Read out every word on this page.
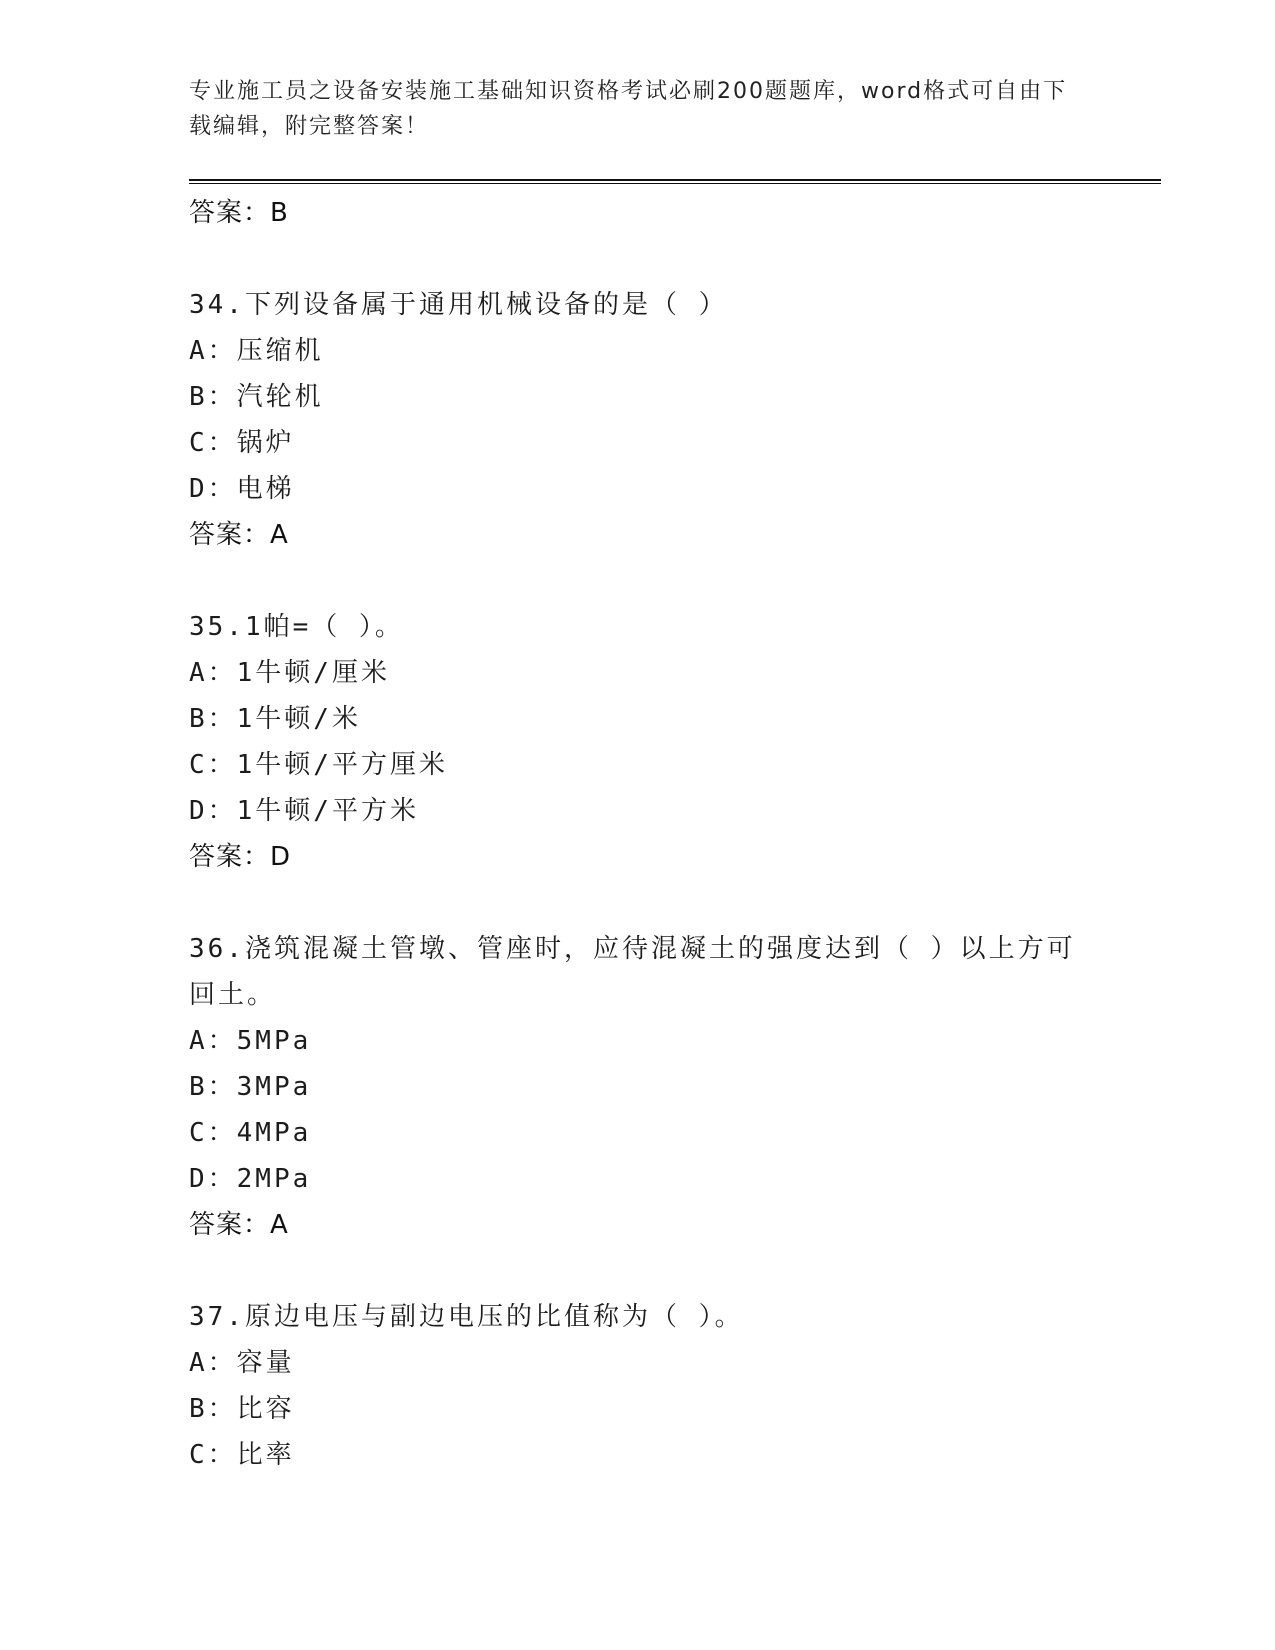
专业施工员之设备安装施工基础知识资格考试必刷200题题库，word格式可自由下载编辑，附完整答案！
答案：B
34.下列设备属于通用机械设备的是（ ）
A：压缩机
B：汽轮机
C：锅炉
D：电梯
答案：A
35.1帕=（ ）。
A：1牛顿/厘米
B：1牛顿/米
C：1牛顿/平方厘米
D：1牛顿/平方米
答案：D
36.浇筑混凝土管墩、管座时，应待混凝土的强度达到（ ）以上方可回土。
A：5MPa
B：3MPa
C：4MPa
D：2MPa
答案：A
37.原边电压与副边电压的比值称为（ ）。
A：容量
B：比容
C：比率
